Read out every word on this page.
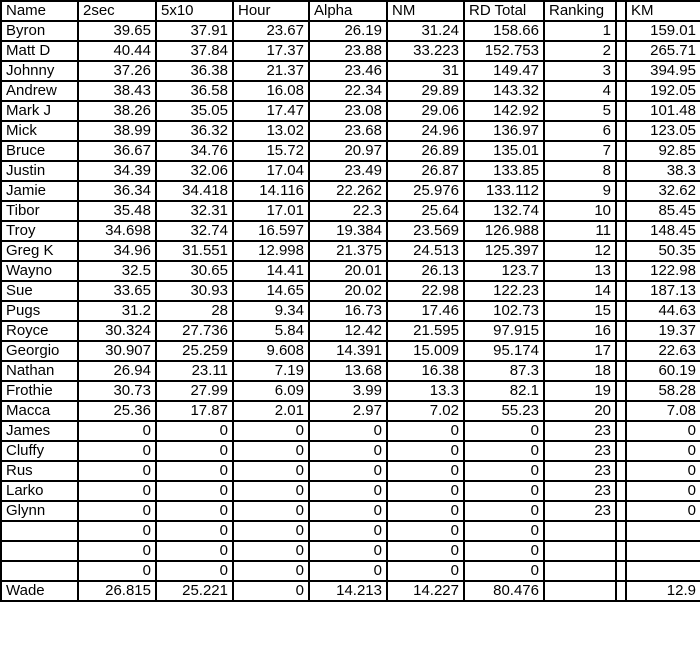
Name	2sec	5x10	Hour	Alpha	NM	RD Total	Ranking		KM
Byron	39.65	37.91	23.67	26.19	31.24	158.66	1		159.01
Matt D	40.44	37.84	17.37	23.88	33.223	152.753	2		265.71
Johnny	37.26	36.38	21.37	23.46	31	149.47	3		394.95
Andrew	38.43	36.58	16.08	22.34	29.89	143.32	4		192.05
Mark J	38.26	35.05	17.47	23.08	29.06	142.92	5		101.48
Mick	38.99	36.32	13.02	23.68	24.96	136.97	6		123.05
Bruce	36.67	34.76	15.72	20.97	26.89	135.01	7		92.85
Justin	34.39	32.06	17.04	23.49	26.87	133.85	8		38.3
Jamie	36.34	34.418	14.116	22.262	25.976	133.112	9		32.62
Tibor	35.48	32.31	17.01	22.3	25.64	132.74	10		85.45
Troy	34.698	32.74	16.597	19.384	23.569	126.988	11		148.45
Greg K	34.96	31.551	12.998	21.375	24.513	125.397	12		50.35
Wayno	32.5	30.65	14.41	20.01	26.13	123.7	13		122.98
Sue	33.65	30.93	14.65	20.02	22.98	122.23	14		187.13
Pugs	31.2	28	9.34	16.73	17.46	102.73	15		44.63
Royce	30.324	27.736	5.84	12.42	21.595	97.915	16		19.37
Georgio	30.907	25.259	9.608	14.391	15.009	95.174	17		22.63
Nathan	26.94	23.11	7.19	13.68	16.38	87.3	18		60.19
Frothie	30.73	27.99	6.09	3.99	13.3	82.1	19		58.28
Macca	25.36	17.87	2.01	2.97	7.02	55.23	20		7.08
James	0	0	0	0	0	0	23		0
Cluffy	0	0	0	0	0	0	23		0
Rus	0	0	0	0	0	0	23		0
Larko	0	0	0	0	0	0	23		0
Glynn	0	0	0	0	0	0	23		0
	0	0	0	0	0	0			
	0	0	0	0	0	0			
	0	0	0	0	0	0			
Wade	26.815	25.221	0	14.213	14.227	80.476			12.9
